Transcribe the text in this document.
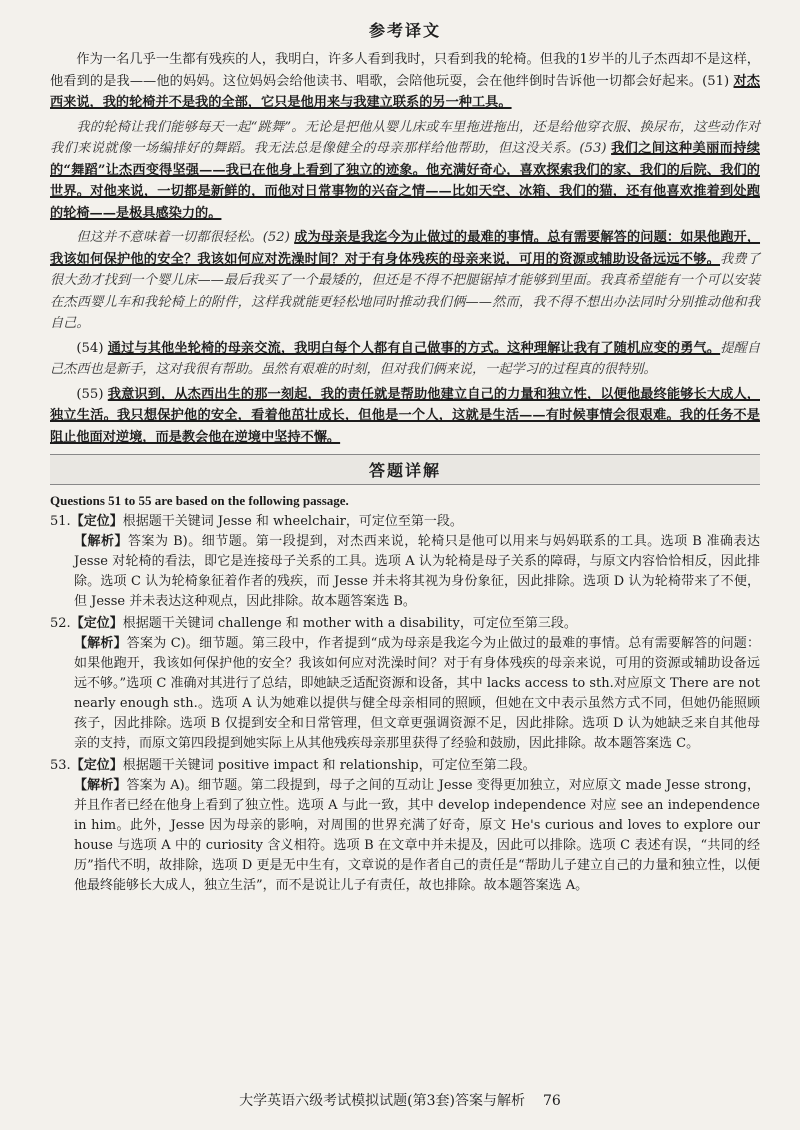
参考译文

作为一名几乎一生都有残疾的人，我明白，许多人看到我时，只看到我的轮椅。但我的1岁半的儿子杰西却不是这样，他看到的是我——他的妈妈。这位妈妈会给他读书、唱歌，会陪他玩耍，会在他绊倒时告诉他一切都会好起来。(51) 对杰西来说，我的轮椅并不是我的全部，它只是他用来与我建立联系的另一种工具。

我的轮椅让我们能够每天一起“跳舞”。无论是把他从婴儿床或车里拖进拖出，还是给他穿衣服、换尿布，这些动作对我们来说就像一场编排好的舞蹈。我无法总是像健全的母亲那样给他帮助，但这没关系。(53) 我们之间这种美丽而持续的“舞蹈”让杰西变得坚强——我已在他身上看到了独立的迹象。他充满好奇心，喜欢探索我们的家、我们的后院、我们的世界。对他来说，一切都是新鲜的，而他对日常事物的兴奋之情——比如天空、冰箱、我们的猫，还有他喜欢推着到处跑的轮椅——是极具感染力的。

但这并不意味着一切都很轻松。(52) 成为母亲是我迄今为止做过的最难的事情。总有需要解答的问题：如果他跑开，我该如何保护他的安全？我该如何应对洗澡时间？对于有身体残疾的母亲来说，可用的资源或辅助设备远远不够。我费了很大劲才找到一个婴儿床——最后我买了一个最矮的，但还是不得不把腿锯掉才能够到里面。我真希望能有一个可以安装在杰西婴儿车和我轮椅上的附件，这样我就能更轻松地同时推动我们俩——然而，我不得不想出办法同时分别推动他和我自己。

(54) 通过与其他坐轮椅的母亲交流，我明白每个人都有自己做事的方式。这种理解让我有了随机应变的勇气。提醒自己杰西也是新手，这对我很有帮助。虽然有艰难的时刻，但对我们俩来说，一起学习的过程真的很特别。

(55) 我意识到，从杰西出生的那一刻起，我的责任就是帮助他建立自己的力量和独立性，以便他最终能够长大成人，独立生活。我只想保护他的安全，看着他茁壮成长，但他是一个人，这就是生活——有时候事情会很艰难。我的任务不是阻止他面对逆境，而是教会他在逆境中坚持不懈。

答题详解
Questions 51 to 55 are based on the following passage.
51.【定位】根据题干关键词 Jesse 和 wheelchair，可定位至第一段。
【解析】答案为 B)。细节题。第一段提到，对杰西来说，轮椅只是他可以用来与妈妈联系的工具。选项 B 准确表达 Jesse 对轮椅的看法，即它是连接母子关系的工具。选项 A 认为轮椅是母子关系的障碍，与原文内容恰恰相反，因此排除。选项 C 认为轮椅象征着作者的残疾，而 Jesse 并未将其视为身份象征，因此排除。选项 D 认为轮椅带来了不便，但 Jesse 并未表达这种观点，因此排除。故本题答案选 B。
52.【定位】根据题干关键词 challenge 和 mother with a disability，可定位至第三段。
【解析】答案为 C)。细节题。第三段中，作者提到“成为母亲是我迄今为止做过的最难的事情。总有需要解答的问题：如果他跑开，我该如何保护他的安全？我该如何应对洗澡时间？对于有身体残疾的母亲来说，可用的资源或辅助设备远远不够。”选项 C 准确对其进行了总结，即她缺乏适配资源和设备，其中 lacks access to sth.对应原文 There are not nearly enough sth.。选项 A 认为她难以提供与健全母亲相同的照顾，但她在文中表示虽然方式不同，但她仍能照顾孩子，因此排除。选项 B 仅提到安全和日常管理，但文章更强调资源不足，因此排除。选项 D 认为她缺乏来自其他母亲的支持，而原文第四段提到她实际上从其他残疾母亲那里获得了经验和鼓励，因此排除。故本题答案选 C。
53.【定位】根据题干关键词 positive impact 和 relationship，可定位至第二段。
【解析】答案为 A)。细节题。第二段提到，母子之间的互动让 Jesse 变得更加独立，对应原文 made Jesse strong，并且作者已经在他身上看到了独立性。选项 A 与此一致，其中 develop independence 对应 see an independence in him。此外，Jesse 因为母亲的影响，对周围的世界充满了好奇，原文 He's curious and loves to explore our house 与选项 A 中的 curiosity 含义相符。选项 B 在文章中并未提及，因此可以排除。选项 C 表述有误，“共同的经历”指代不明，故排除，选项 D 更是无中生有，文章说的是作者自己的责任是“帮助儿子建立自己的力量和独立性，以便他最终能够长大成人，独立生活”，而不是说让儿子有责任，故也排除。故本题答案选 A。
大学英语六级考试模拟试题(第3套)答案与解析 76
